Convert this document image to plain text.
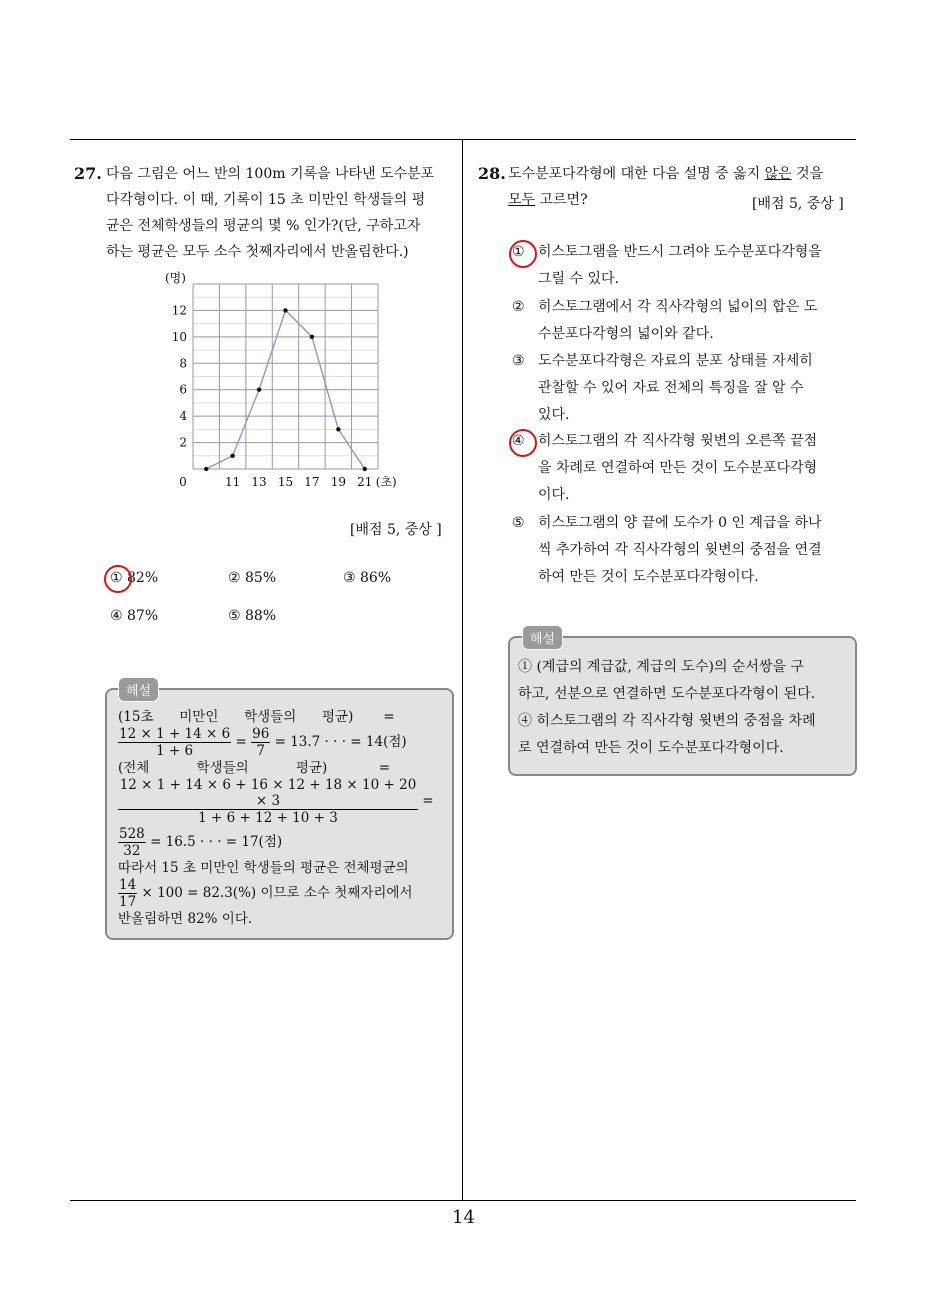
27. 다음 그림은 어느 반의 100m 기록을 나타낸 도수분포
다각형이다. 이 때, 기록이 15 초 미만인 학생들의 평
균은 전체학생들의 평균의 몇 % 인가?(단, 구하고자
하는 평균은 모두 소수 첫째자리에서 반올림한다.)
2
4
6
8
10
12
(명)
0	11 13 15 17 19 21 (초)
[배점 5, 중상 ]
① 82%	② 85%	③ 86%
④ 87%	⑤ 88%
해설
(15초      미만인      학생들의      평균)       =
$\frac{12 \times 1 + 14 \times 6}{1 + 6} = \frac{96}{7} = 13.7$ · · · = 14(점)
(전체           학생들의           평균)            =
$\frac{12 \times 1 + 14 \times 6 + 16 \times 12 + 18 \times 10 + 20 \times 3}{1 + 6 + 12 + 10 + 3}$ =
$\frac{528}{32} = 16.5$ · · · = 17(점)
따라서 15 초 미만인 학생들의 평균은 전체평균의
$\frac{14}{17} \times 100 = 82.3(\%)$ 이므로 소수 첫째자리에서
반올림하면 82% 이다.
28. 도수분포다각형에 대한 다음 설명 중 옳지 않은 것을
모두 고르면?	[배점 5, 중상 ]
① 히스토그램을 반드시 그려야 도수분포다각형을
그릴 수 있다.
② 히스토그램에서 각 직사각형의 넓이의 합은 도
수분포다각형의 넓이와 같다.
③ 도수분포다각형은 자료의 분포 상태를 자세히
관찰할 수 있어 자료 전체의 특징을 잘 알 수
있다.
④ 히스토그램의 각 직사각형 윗변의 오른쪽 끝점
을 차례로 연결하여 만든 것이 도수분포다각형
이다.
⑤ 히스토그램의 양 끝에 도수가 0 인 계급을 하나
씩 추가하여 각 직사각형의 윗변의 중점을 연결
하여 만든 것이 도수분포다각형이다.
해설
① (계급의 계급값, 계급의 도수)의 순서쌍을 구
하고, 선분으로 연결하면 도수분포다각형이 된다.
④ 히스토그램의 각 직사각형 윗변의 중점을 차례
로 연결하여 만든 것이 도수분포다각형이다.
14
